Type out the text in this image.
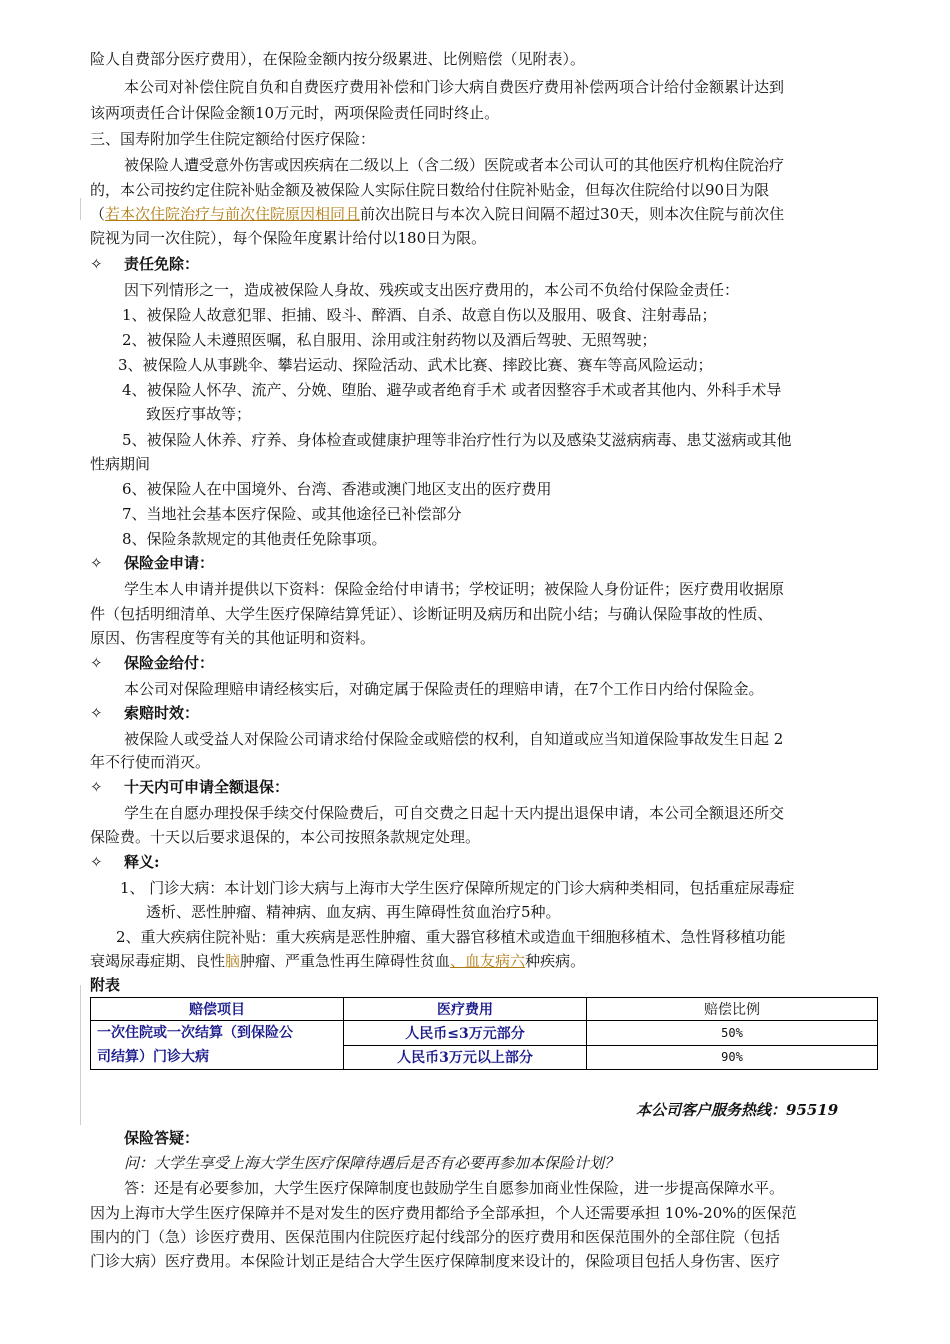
险人自费部分医疗费用），在保险金额内按分级累进、比例赔偿（见附表）。
本公司对补偿住院自负和自费医疗费用补偿和门诊大病自费医疗费用补偿两项合计给付金额累计达到
该两项责任合计保险金额10万元时，两项保险责任同时终止。
三、国寿附加学生住院定额给付医疗保险：
被保险人遭受意外伤害或因疾病在二级以上（含二级）医院或者本公司认可的其他医疗机构住院治疗
的，本公司按约定住院补贴金额及被保险人实际住院日数给付住院补贴金，但每次住院给付以90日为限
（若本次住院治疗与前次住院原因相同且前次出院日与本次入院日间隔不超过30天，则本次住院与前次住
院视为同一次住院），每个保险年度累计给付以180日为限。
✧ 责任免除：
因下列情形之一，造成被保险人身故、残疾或支出医疗费用的，本公司不负给付保险金责任：
1、被保险人故意犯罪、拒捕、殴斗、醉酒、自杀、故意自伤以及服用、吸食、注射毒品；
2、被保险人未遵照医嘱，私自服用、涂用或注射药物以及酒后驾驶、无照驾驶；
3、被保险人从事跳伞、攀岩运动、探险活动、武术比赛、摔跤比赛、赛车等高风险运动；
4、被保险人怀孕、流产、分娩、堕胎、避孕或者绝育手术 或者因整容手术或者其他内、外科手术导
致医疗事故等；
5、被保险人休养、疗养、身体检查或健康护理等非治疗性行为以及感染艾滋病病毒、患艾滋病或其他
性病期间
6、被保险人在中国境外、台湾、香港或澳门地区支出的医疗费用
7、当地社会基本医疗保险、或其他途径已补偿部分
8、保险条款规定的其他责任免除事项。
✧ 保险金申请：
学生本人申请并提供以下资料：保险金给付申请书；学校证明；被保险人身份证件；医疗费用收据原
件（包括明细清单、大学生医疗保障结算凭证）、诊断证明及病历和出院小结；与确认保险事故的性质、
原因、伤害程度等有关的其他证明和资料。
✧ 保险金给付：
本公司对保险理赔申请经核实后，对确定属于保险责任的理赔申请，在7个工作日内给付保险金。
✧ 索赔时效：
被保险人或受益人对保险公司请求给付保险金或赔偿的权利，自知道或应当知道保险事故发生日起 2
年不行使而消灭。
✧ 十天内可申请全额退保：
学生在自愿办理投保手续交付保险费后，可自交费之日起十天内提出退保申请，本公司全额退还所交
保险费。十天以后要求退保的，本公司按照条款规定处理。
✧ 释义:
1、 门诊大病：本计划门诊大病与上海市大学生医疗保障所规定的门诊大病种类相同，包括重症尿毒症
透析、恶性肿瘤、精神病、血友病、再生障碍性贫血治疗5种。
2、重大疾病住院补贴：重大疾病是恶性肿瘤、重大器官移植术或造血干细胞移植术、急性肾移植功能
衰竭尿毒症期、良性脑肿瘤、严重急性再生障碍性贫血、血友病六种疾病。
附表
赔偿项目	医疗费用	赔偿比例

一次住院或一次结算（到保险公
司结算）门诊大病	人民币≤3万元部分	50%
	人民币3万元以上部分	90%
本公司客户服务热线：95519
保险答疑：
问：大学生享受上海大学生医疗保障待遇后是否有必要再参加本保险计划？
答：还是有必要参加，大学生医疗保障制度也鼓励学生自愿参加商业性保险，进一步提高保障水平。
因为上海市大学生医疗保障并不是对发生的医疗费用都给予全部承担，个人还需要承担 10%-20%的医保范
围内的门（急）诊医疗费用、医保范围内住院医疗起付线部分的医疗费用和医保范围外的全部住院（包括
门诊大病）医疗费用。本保险计划正是结合大学生医疗保障制度来设计的，保险项目包括人身伤害、医疗
